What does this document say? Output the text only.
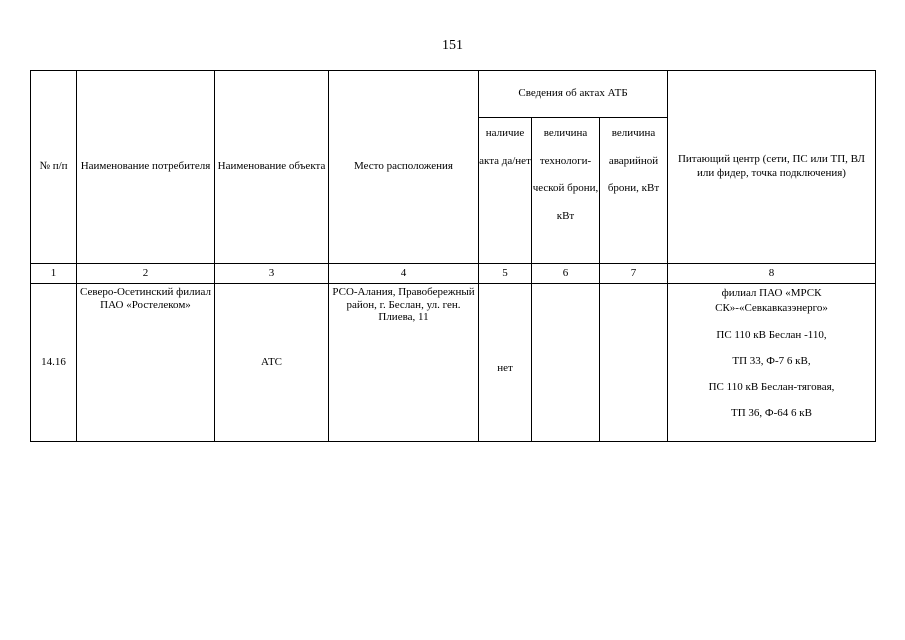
151
№ п/п	Наименование потребителя	Наименование объекта	Место расположения	Сведения об актах АТБ			Питающий центр (сети, ПС или ТП, ВЛ или фидер, точка подключения)
				наличие акта да/нет	величина технологи-ческой брони, кВт	величина аварийной брони, кВт	
1	2	3	4	5	6	7	8
14.16	Северо-Осетинский филиал ПАО «Ростелеком»	АТС	РСО-Алания, Правобережный район, г. Беслан, ул. ген. Плиева, 11	нет			филиал ПАО «МРСК СК»-«Севкавказэнерго»
ПС 110 кВ Беслан -110,
ТП 33, Ф-7 6 кВ,
ПС 110 кВ Беслан-тяговая,
ТП 36, Ф-64 6 кВ
